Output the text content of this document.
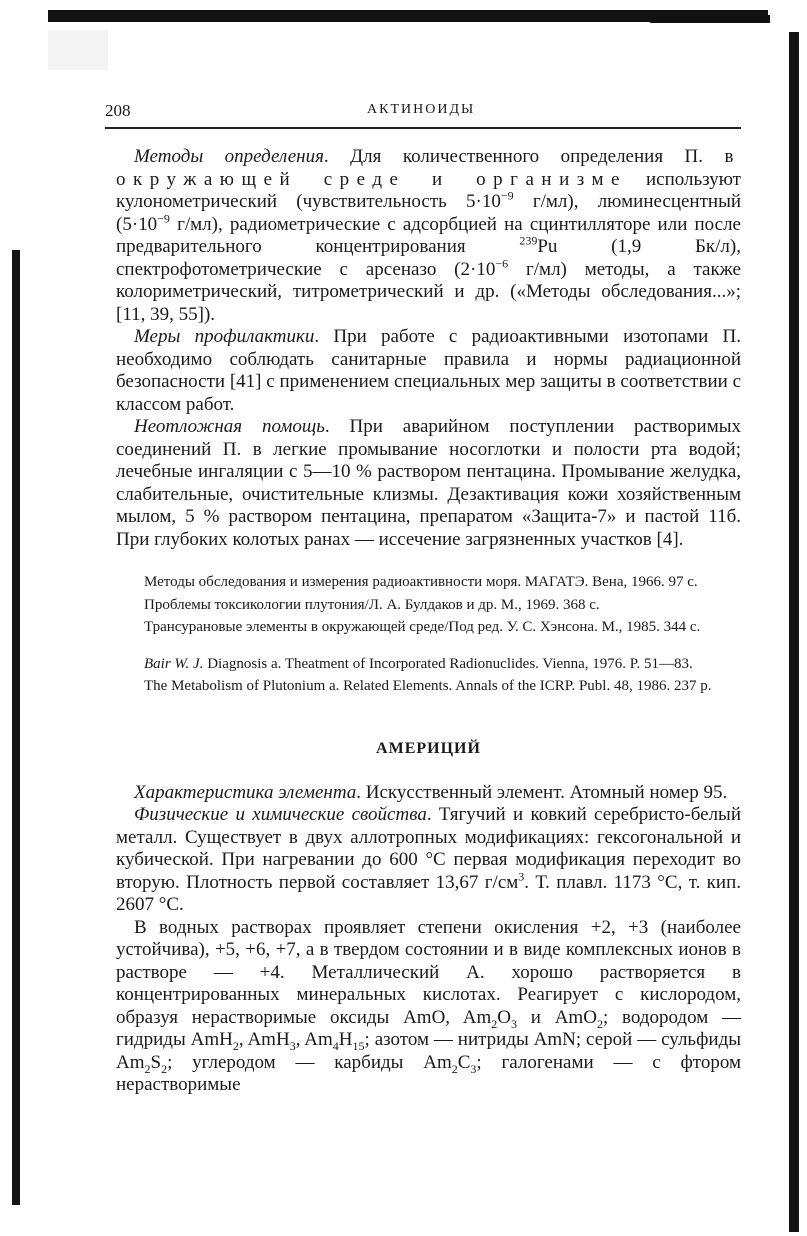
208	АКТИНОИДЫ

Методы определения. Для количественного определения П. в окружающей среде и организме используют кулонометрический (чувствительность $5\cdot 10^{-9}$ г/мл), люминесцентный ($5\cdot 10^{-9}$ г/мл), радиометрические с адсорбцией на сцинтилляторе или после предварительного концентрирования $^{239}$Pu (1,9 Бк/л), спектрофотометрические с арсеназо ($2\cdot 10^{-6}$ г/мл) методы, а также колориметрический, титрометрический и др. («Методы обследования...»; [11, 39, 55]).

Меры профилактики. При работе с радиоактивными изотопами П. необходимо соблюдать санитарные правила и нормы радиационной безопасности [41] с применением специальных мер защиты в соответствии с классом работ.

Неотложная помощь. При аварийном поступлении растворимых соединений П. в легкие промывание носоглотки и полости рта водой; лечебные ингаляции с 5—10 % раствором пентацина. Промывание желудка, слабительные, очистительные клизмы. Дезактивация кожи хозяйственным мылом, 5 % раствором пентацина, препаратом «Защита-7» и пастой 11б. При глубоких колотых ранах — иссечение загрязненных участков [4].

Методы обследования и измерения радиоактивности моря. МАГАТЭ. Вена, 1966. 97 с.
Проблемы токсикологии плутония/Л. А. Булдаков и др. М., 1969. 368 с.
Трансурановые элементы в окружающей среде/Под ред. У. С. Хэнсона. М., 1985. 344 с.
Bair W. J. Diagnosis a. Theatment of Incorporated Radionuclides. Vienna, 1976. P. 51—83.
The Metabolism of Plutonium a. Related Elements. Annals of the ICRP. Publ. 48, 1986. 237 p.
АМЕРИЦИЙ

Характеристика элемента. Искусственный элемент. Атомный номер 95.

Физические и химические свойства. Тягучий и ковкий серебристо-белый металл. Существует в двух аллотропных модификациях: гексогональной и кубической. При нагревании до 600 °С первая модификация переходит во вторую. Плотность первой составляет 13,67 $г/см^3$. Т. плавл. 1173 °С, т. кип. 2607 °С.

В водных растворах проявляет степени окисления +2, +3 (наиболее устойчива), +5, +6, +7, а в твердом состоянии и в виде комплексных ионов в растворе — +4. Металлический А. хорошо растворяется в концентрированных минеральных кислотах. Реагирует с кислородом, образуя нерастворимые оксиды AmO, $Am_2O_3$ и AmO$_2$; водородом — гидриды AmH$_2$, AmH$_3$, $Am_4H_{15}$; азотом — нитриды AmN; серой — сульфиды $Am_2S_2$; углеродом — карбиды $Am_2C_3$; галогенами — с фтором нерастворимые
